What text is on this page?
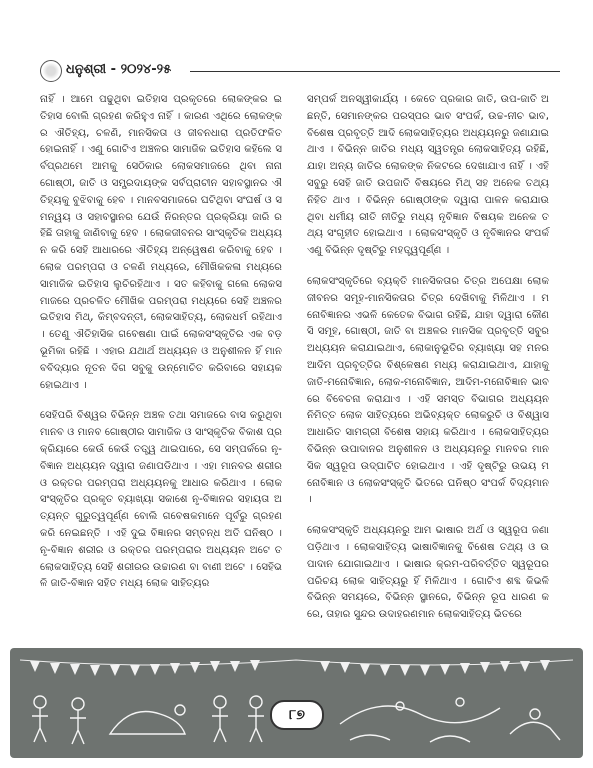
ଧନୁଶ୍ରୀ - ୨୦୨୪-୨୫

ନାହିଁ । ଆମେ ପଢୁଥିବା ଇତିହାସ ପ୍ରକୃତରେ ଲୋକଙ୍କର ଇତିହାସ ବୋଲି ଗ୍ରହଣ କରିହୁଏ ନାହିଁ । କାରଣ ଏଥିରେ ଲୋକଙ୍କର ଐତିହ୍ୟ, ଚଳଣି, ମାନସିକତା ଓ ଜୀବନଧାରା ପ୍ରତିଫଳିତ ହୋଇନାହିଁ । ଏଣୁ ଗୋଟିଏ ଅଞ୍ଚଳର ସାମାଜିକ ଇତିହାସ କହିଲେ ସର୍ବପ୍ରଥମେ ଆମକୁ ସେଠିକାର ଲୋକସମାଜରେ ଥିବା ନାନା ଗୋଷ୍ଠୀ, ଜାତି ଓ ସମ୍ପ୍ରଦାୟଙ୍କ ସର୍ବପ୍ରାଚୀନ ସହାବସ୍ଥାନର ଐତିହ୍ୟକୁ ବୁଝିବାକୁ ହେବ । ମାନବସମାଜରେ ଘଟିଥିବା ସଂଘର୍ଷ ଓ ସମନ୍ୱୟ ଓ ସହାବସ୍ଥାନର ଯେଉଁ ନିରନ୍ତର ପ୍ରକ୍ରିୟା ଜାରି ରହିଛି ତାହାକୁ ଜାଣିବାକୁ ହେବ । ଲୋକଜୀବନର ସାଂସ୍କୃତିକ ଅଧ୍ୟୟନ କରି ସେହି ଆଧାରରେ ଐତିହ୍ୟ ଅନ୍ୱେଷଣ କରିବାକୁ ହେବ । ଲୋକ ପରମ୍ପରା ଓ ଚଳଣି ମଧ୍ୟରେ, ମୌଖିକକଳା ମଧ୍ୟରେ ସାମାଜିକ ଇତିହାସ ଲୁଚିରହିଥାଏ । ସତ କହିବାକୁ ଗଲେ ଲୋକସମାଜରେ ପ୍ରଚଳିତ ମୌଖିକ ପରମ୍ପରା ମଧ୍ୟରେ ସେହି ଅଞ୍ଚଳର ଇତିହାସ ମିଥ୍, କିମ୍ବଦନ୍ତୀ, ଲୋକସାହିତ୍ୟ, ଲୋକଧର୍ମ ରହିଥାଏ । ତେଣୁ ଐତିହାସିକ ଗବେଷଣା ପାଇଁ ଲୋକସଂସ୍କୃତିର ଏକ ବଡ଼ ଭୂମିକା ରହିଛି । ଏହାର ଯଥାର୍ଥ ଅଧ୍ୟୟନ ଓ ଅନୁଶୀଳନ ହିଁ ମାନବବିଦ୍ୟାର ନୂତନ ଦିଗ ସବୁକୁ ଉନ୍ମୋଚିତ କରିବାରେ ସହାୟକ ହୋଇଥାଏ ।

ସେହିପରି ବିଶ୍ୱର ବିଭିନ୍ନ ଅଞ୍ଚଳ ତଥା ସମାଜରେ ବାସ କରୁଥିବା ମାନବ ଓ ମାନବ ଗୋଷ୍ଠୀର ସାମାଜିକ ଓ ସାଂସ୍କୃତିକ ବିକାଶ ପ୍ରକ୍ରିୟାରେ କେଉଁ କେଉଁ ତତ୍ତ୍ୱ ଥାଇପାରେ, ସେ ସମ୍ପର୍କରେ ନୃ-ବିଜ୍ଞାନ ଅଧ୍ୟୟନ ଦ୍ୱାରା ଜଣାପଡିଥାଏ । ଏହା ମାନବର ଶରୀର ଓ ରକ୍ତର ପରମ୍ପରା ଅଧ୍ୟୟନକୁ ଆଧାର କରିଥାଏ । ଲୋକସଂସ୍କୃତିର ପ୍ରକୃତ ବ୍ୟାଖ୍ୟା ସକାଶେ ନୃ-ବିଜ୍ଞାନର ସହାୟତା ଅତ୍ୟନ୍ତ ଗୁରୁତ୍ୱପୂର୍ଣ୍ଣ ବୋଲି ଗବେଷକମାନେ ପୂର୍ବରୁ ଗ୍ରହଣ କରି ନେଇଛନ୍ତି । ଏହି ଦୁଇ ବିଜ୍ଞାନର ସମ୍ବନ୍ଧ ଅତି ଘନିଷ୍ଠ । ନୃ-ବିଜ୍ଞାନ ଶରୀର ଓ ରକ୍ତର ପରମ୍ପରାର ଅଧ୍ୟୟନ ଅଟେ ତ ଲୋକସାହିତ୍ୟ ସେହି ଶରୀରର ଉଚ୍ଚାରଣ ବା ବାଣୀ ଅଟେ । ସେହିଭଳି ଜାତି-ବିଜ୍ଞାନ ସହିତ ମଧ୍ୟ ଲୋକ ସାହିତ୍ୟର

ସମ୍ପର୍କ ଅନସ୍ୱୀକାର୍ଯ୍ୟ । କେତେ ପ୍ରକାର ଜାତି, ଉପ-ଜାତି ଅଛନ୍ତି, ସେମାନଙ୍କର ପରସ୍ପର ଭାବ ସଂପର୍କ, ଉଚ୍ଚ-ନୀଚ ଭାବ, ବିଶେଷ ପ୍ରବୃତ୍ତି ଆଦି ଲୋକସାହିତ୍ୟର ଅଧ୍ୟୟନରୁ ଜଣାଯାଇଥାଏ । ବିଭିନ୍ନ ଜାତିର ମଧ୍ୟ ସ୍ୱତନ୍ତ୍ର ଲୋକସାହିତ୍ୟ ରହିଛି, ଯାହା ଅନ୍ୟ ଜାତିର ଲୋକଙ୍କ ନିକଟରେ ଦେଖାଯାଏ ନାହିଁ । ଏହି ସବୁରୁ ସେହି ଜାତି ଉପଜାତି ବିଷୟରେ ମିଥ୍ ସହ ଅନେକ ତଥ୍ୟ ନିହିତ ଥାଏ । ବିଭିନ୍ନ ଗୋଷ୍ଠୀଙ୍କ ଦ୍ୱାରା ପାଳନ କରାଯାଉଥିବା ଧର୍ମୀୟ ରୀତି ନୀତିରୁ ମଧ୍ୟ ନୃବିଜ୍ଞାନ ବିଷୟକ ଅନେକ ତଥ୍ୟ ସଂଗୃହୀତ ହୋଇଥାଏ । ଲୋକସଂସ୍କୃତି ଓ ନୃବିଜ୍ଞାନର ସଂପର୍କ ଏଣୁ ବିଭିନ୍ନ ଦୃଷ୍ଟିରୁ ମହତ୍ତ୍ୱପୂର୍ଣ୍ଣ ।

ଲୋକସଂସ୍କୃତିରେ ବ୍ୟକ୍ତି ମାନସିକତାର ଚିତ୍ର ଅପେକ୍ଷା ଲୋକଜୀବନର ସମୂହ-ମାନସିକତାର ଚିତ୍ର ଦେଖିବାକୁ ମିଳିଥାଏ । ମନୋବିଜ୍ଞାନର ଏଭଳି କେତେକ ବିଭାଗ ରହିଛି, ଯାହା ଦ୍ୱାରା କୌଣସି ସମୂହ, ଗୋଷ୍ଠୀ, ଜାତି ବା ଅଞ୍ଚଳର ମାନସିକ ପ୍ରବୃତ୍ତି ସବୁର ଅଧ୍ୟୟନ କରାଯାଇଥାଏ, ଲୋକାନୁଭୂତିର ବ୍ୟାଖ୍ୟା ସହ ମନର ଆଦିମ ପ୍ରବୃତ୍ତିର ବିଶ୍ଳେଷଣ ମଧ୍ୟ କରାଯାଇଥାଏ, ଯାହାକୁ ଜାତି-ମନୋବିଜ୍ଞାନ, ଲୋକ-ମନୋବିଜ୍ଞାନ, ଆଦିମ-ମନୋବିଜ୍ଞାନ ଭାବରେ ବିବେଚନା କରାଯାଏ । ଏହି ସମସ୍ତ ବିଭାଗର ଅଧ୍ୟୟନ ନିମିତ୍ତ ଲୋକ ସାହିତ୍ୟରେ ଅଭିବ୍ୟକ୍ତ ଲୋକରୁଚି ଓ ବିଶ୍ୱାସ ଆଧାରିତ ସାମଗ୍ରୀ ବିଶେଷ ସହାୟ କରିଥାଏ । ଲୋକସାହିତ୍ୟର ବିଭିନ୍ନ ଉପାଦାନର ଅନୁଶୀଳନ ଓ ଅଧ୍ୟୟନରୁ ମାନବର ମାନସିକ ସ୍ୱରୂପ ଉଦ୍‌ଘାଟିତ ହୋଇଥାଏ । ଏହି ଦୃଷ୍ଟିରୁ ଉଭୟ ମନୋବିଜ୍ଞାନ ଓ ଲୋକସଂସ୍କୃତି ଭିତରେ ଘନିଷ୍ଠ ସଂପର୍କ ବିଦ୍ୟମାନ ।

ଲୋକସଂସ୍କୃତି ଅଧ୍ୟୟନରୁ ଆମ ଭାଷାର ଅର୍ଥ ଓ ସ୍ୱରୂପ ଜଣା ପଡ଼ିଥାଏ । ଲୋକସାହିତ୍ୟ ଭାଷାବିଜ୍ଞାନକୁ ବିଶେଷ ତଥ୍ୟ ଓ ଉପାଦାନ ଯୋଗାଇଥାଏ । ଭାଷାର କ୍ରମ-ପରିବର୍ତ୍ତିତ ସ୍ୱରୂପର ପରିଚୟ ଲୋକ ସାହିତ୍ୟରୁ ହିଁ ମିଳିଥାଏ । ଗୋଟିଏ ଶବ୍ଦ କିଭଳି ବିଭିନ୍ନ ସମୟରେ, ବିଭିନ୍ନ ସ୍ଥାନରେ, ବିଭିନ୍ନ ରୂପ ଧାରଣ କରେ, ତାହାର ସୁନ୍ଦର ଉଦାହରଣମାନ ଲୋକସାହିତ୍ୟ ଭିତରେ

୮୭
